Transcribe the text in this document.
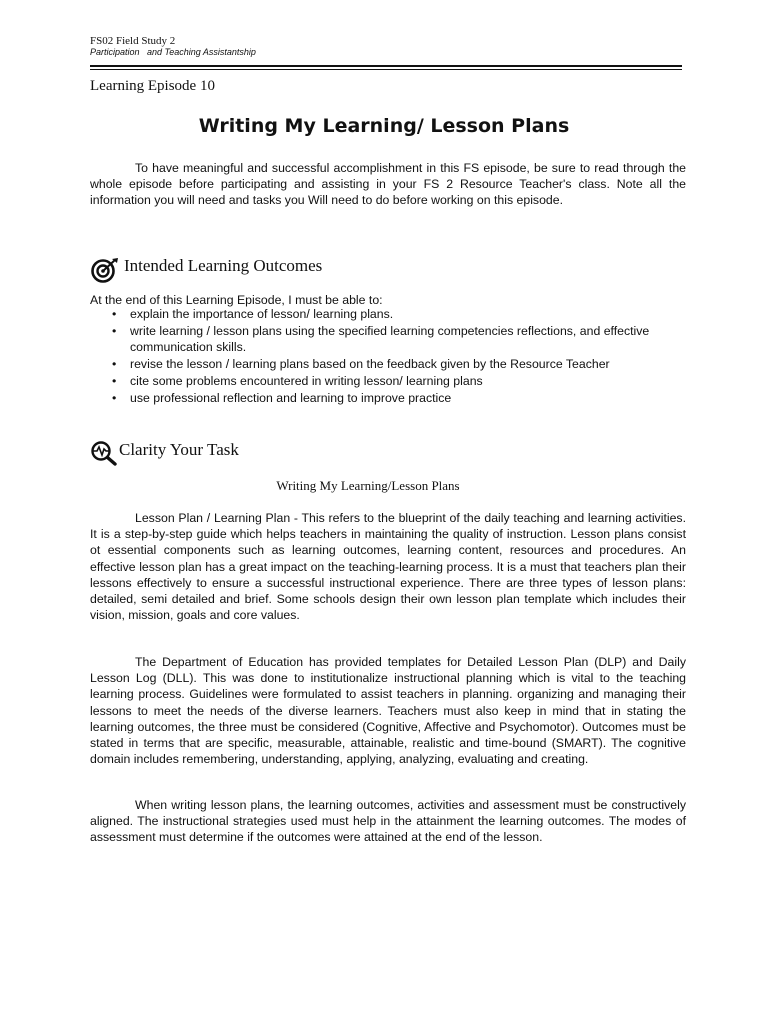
FS02 Field Study 2
Participation   and Teaching Assistantship
Learning Episode 10
Writing My Learning/ Lesson Plans

To have meaningful and successful accomplishment in this FS episode, be sure to read through the whole episode before participating and assisting in your FS 2 Resource Teacher's class. Note all the information you will need and tasks you Will need to do before working on this episode.

Intended Learning Outcomes

At the end of this Learning Episode, I must be able to:

• explain the importance of lesson/ learning plans.
• write learning / lesson plans using the specified learning competencies reflections, and effective communication skills.
• revise the lesson / learning plans based on the feedback given by the Resource Teacher
• cite some problems encountered in writing lesson/ learning plans
• use professional reflection and learning to improve practice
Clarity Your Task
Writing My Learning/Lesson Plans

Lesson Plan / Learning Plan - This refers to the blueprint of the daily teaching and learning activities. It is a step-by-step guide which helps teachers in maintaining the quality of instruction. Lesson plans consist ot essential components such as learning outcomes, learning content, resources and procedures. An effective lesson plan has a great impact on the teaching-learning process. It is a must that teachers plan their lessons effectively to ensure a successful instructional experience. There are three types of lesson plans: detailed, semi detailed and brief. Some schools design their own lesson plan template which includes their vision, mission, goals and core values.

The Department of Education has provided templates for Detailed Lesson Plan (DLP) and Daily Lesson Log (DLL). This was done to institutionalize instructional planning which is vital to the teaching learning process. Guidelines were formulated to assist teachers in planning. organizing and managing their lessons to meet the needs of the diverse learners. Teachers must also keep in mind that in stating the learning outcomes, the three must be considered (Cognitive, Affective and Psychomotor). Outcomes must be stated in terms that are specific, measurable, attainable, realistic and time-bound (SMART). The cognitive domain includes remembering, understanding, applying, analyzing, evaluating and creating.

When writing lesson plans, the learning outcomes, activities and assessment must be constructively aligned. The instructional strategies used must help in the attainment the learning outcomes. The modes of assessment must determine if the outcomes were attained at the end of the lesson.
